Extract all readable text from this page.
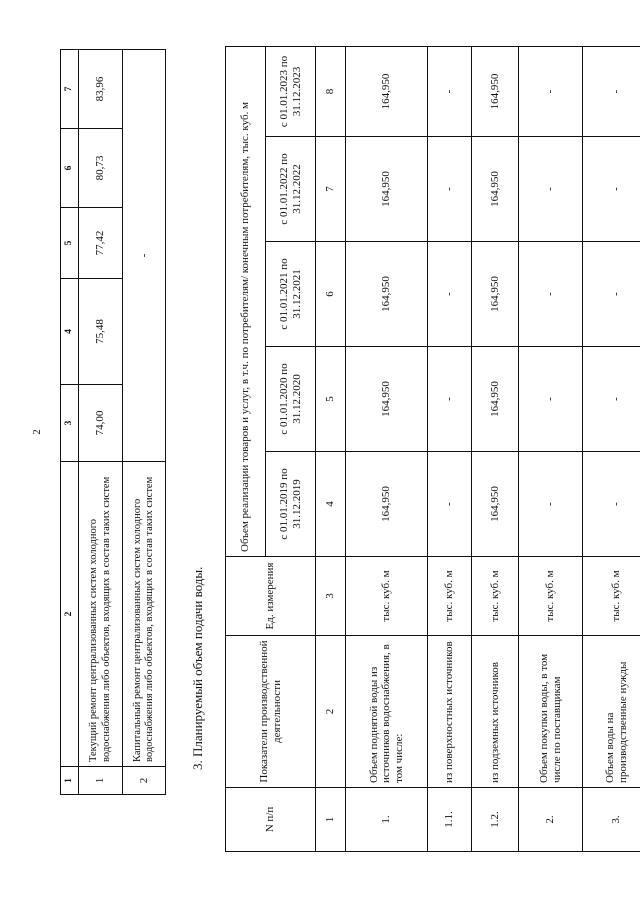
2
1	2	3	4	5	6	7
1	Текущий ремонт централизованных систем холодного водоснабжения либо объектов, входящих в состав таких систем	74,00	75,48	77,42	80,73	83,96
2	Капитальный ремонт централизованных систем холодного водоснабжения либо объектов, входящих в состав таких систем	-				
3. Планируемый объем подачи воды.
N п/п	Показатели производственной деятельности	Ед. измерения	Объем реализации товаров и услуг, в т.ч. по потребителям/ конечным потребителям, тыс. куб. м				
			с 01.01.2019 по 31.12.2019	с 01.01.2020 по 31.12.2020	с 01.01.2021 по 31.12.2021	с 01.01.2022 по 31.12.2022	с 01.01.2023 по 31.12.2023
1	2	3	4	5	6	7	8
1.	Объем поднятой воды из источников водоснабжения, в том числе:	тыс. куб. м	164,950	164,950	164,950	164,950	164,950
1.1.	из поверхностных источников	тыс. куб. м	-	-	-	-	-
1.2.	из подземных источников	тыс. куб. м	164,950	164,950	164,950	164,950	164,950
2.	Объем покупки воды, в том числе по поставщикам	тыс. куб. м	-	-	-	-	-
3.	Объем воды на производственные нужды	тыс. куб. м	-	-	-	-	-
